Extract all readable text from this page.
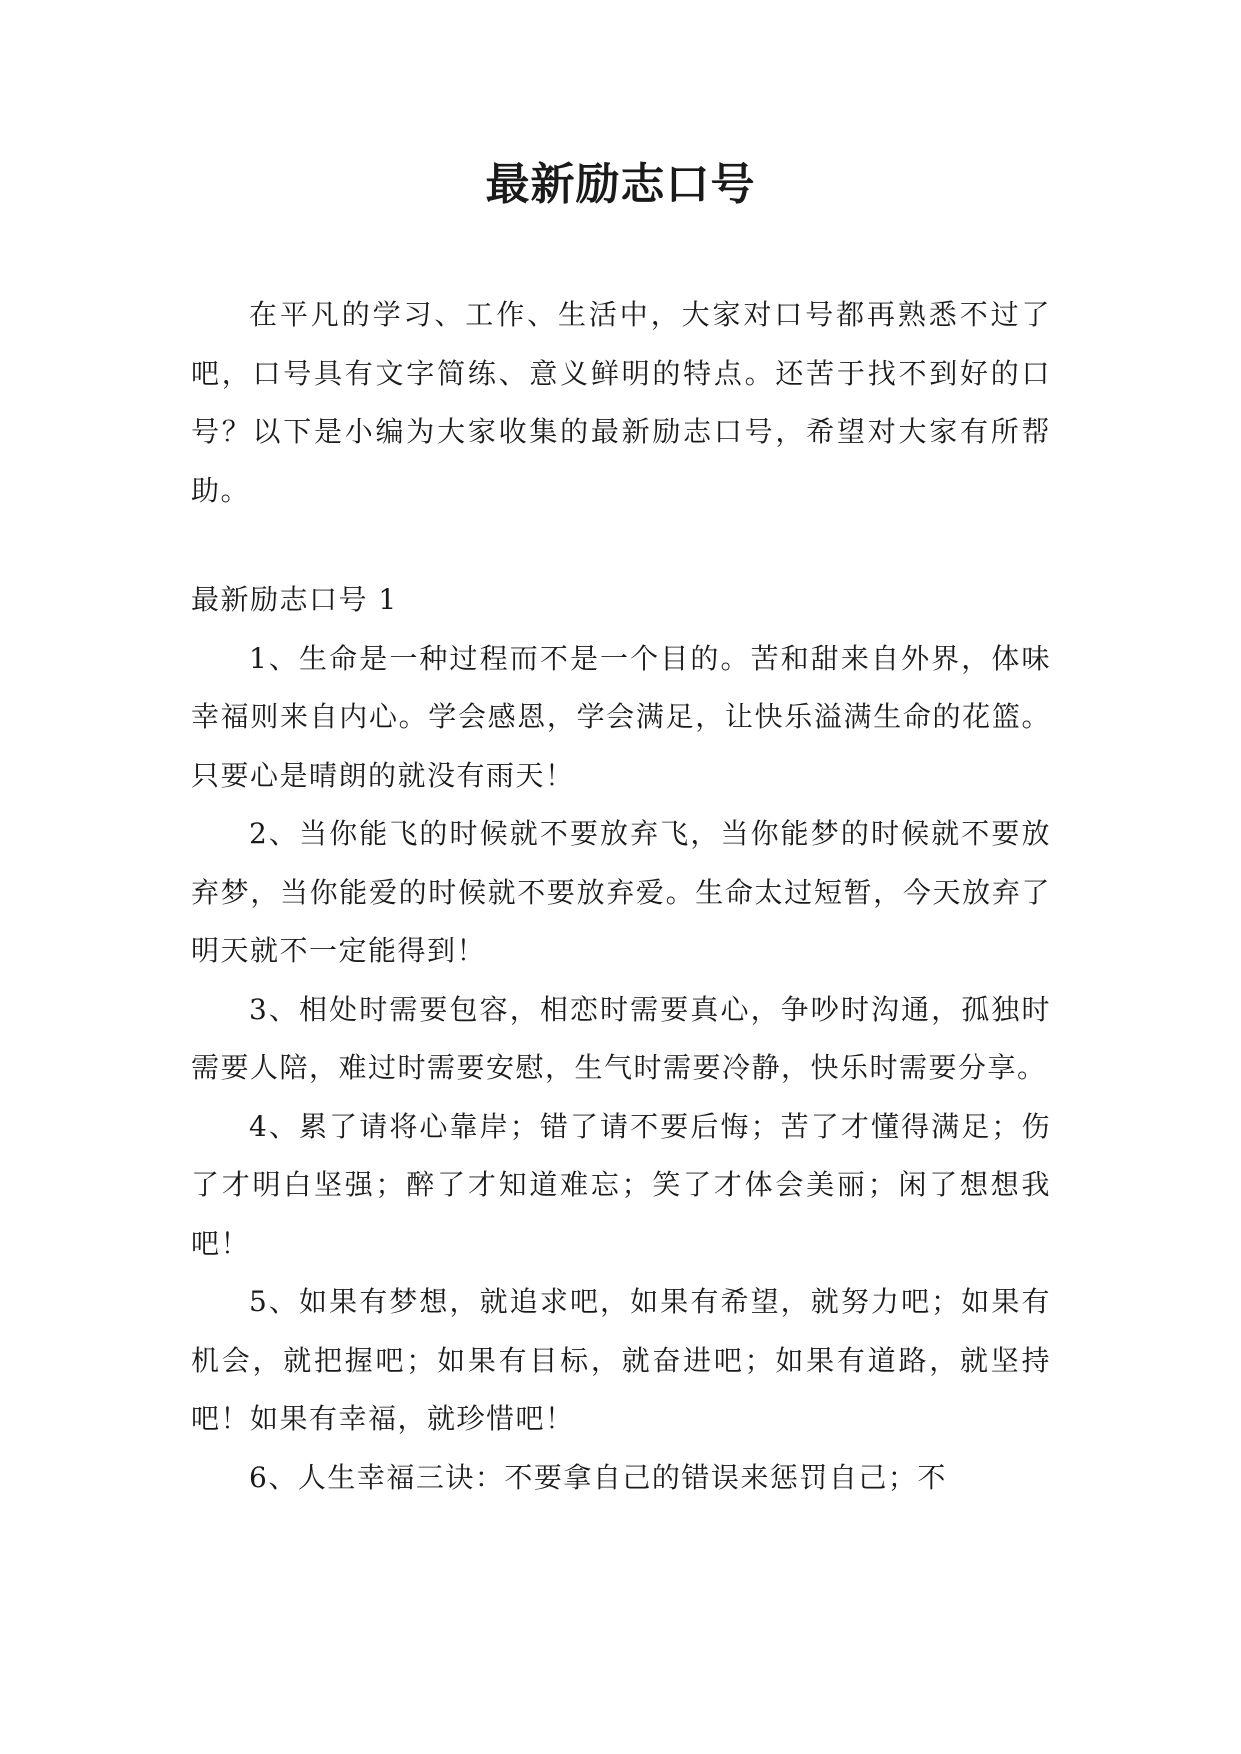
最新励志口号

在平凡的学习、工作、生活中，大家对口号都再熟悉不过了吧，口号具有文字简练、意义鲜明的特点。还苦于找不到好的口号？以下是小编为大家收集的最新励志口号，希望对大家有所帮助。

最新励志口号 1

1、生命是一种过程而不是一个目的。苦和甜来自外界，体味幸福则来自内心。学会感恩，学会满足，让快乐溢满生命的花篮。只要心是晴朗的就没有雨天！

2、当你能飞的时候就不要放弃飞，当你能梦的时候就不要放弃梦，当你能爱的时候就不要放弃爱。生命太过短暂，今天放弃了明天就不一定能得到！

3、相处时需要包容，相恋时需要真心，争吵时沟通，孤独时需要人陪，难过时需要安慰，生气时需要冷静，快乐时需要分享。

4、累了请将心靠岸；错了请不要后悔；苦了才懂得满足；伤了才明白坚强；醉了才知道难忘；笑了才体会美丽；闲了想想我吧！

5、如果有梦想，就追求吧，如果有希望，就努力吧；如果有机会，就把握吧；如果有目标，就奋进吧；如果有道路，就坚持吧！如果有幸福，就珍惜吧！

6、人生幸福三诀：不要拿自己的错误来惩罚自己；不
